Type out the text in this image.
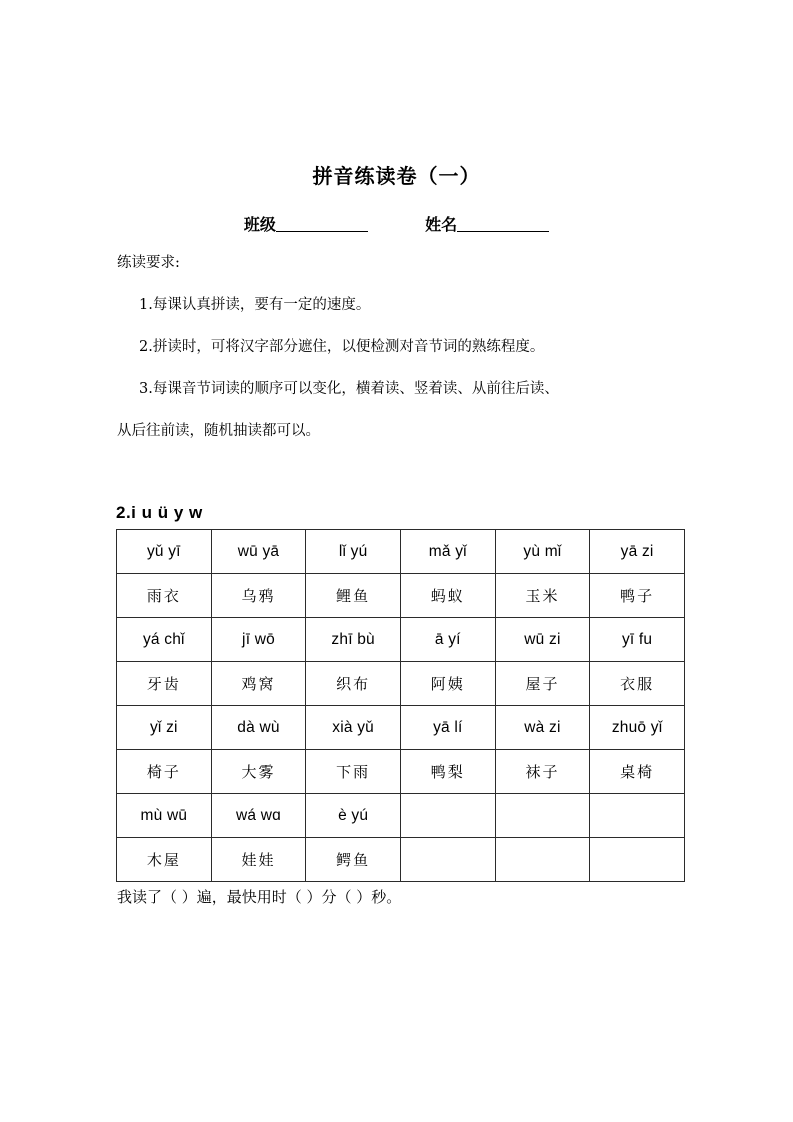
拼音练读卷（一）
班级	姓名
练读要求:
1.每课认真拼读，要有一定的速度。
2.拼读时，可将汉字部分遮住，以便检测对音节词的熟练程度。
3.每课音节词读的顺序可以变化，横着读、竖着读、从前往后读、
从后往前读，随机抽读都可以。
2.i u ü y w
yǔ yī	wū yā	lǐ yú	mǎ yǐ	yù mǐ	yā zi
雨衣	乌鸦	鲤鱼	蚂蚁	玉米	鸭子
yá chǐ	jī wō	zhī bù	ā yí	wū zi	yī fu
牙齿	鸡窝	织布	阿姨	屋子	衣服
yǐ zi	dà wù	xià yǔ	yā lí	wà zi	zhuō yǐ
椅子	大雾	下雨	鸭梨	袜子	桌椅
mù wū	wá wɑ	è yú			
木屋	娃娃	鳄鱼			
我读了（ ）遍，最快用时（ ）分（ ）秒。
